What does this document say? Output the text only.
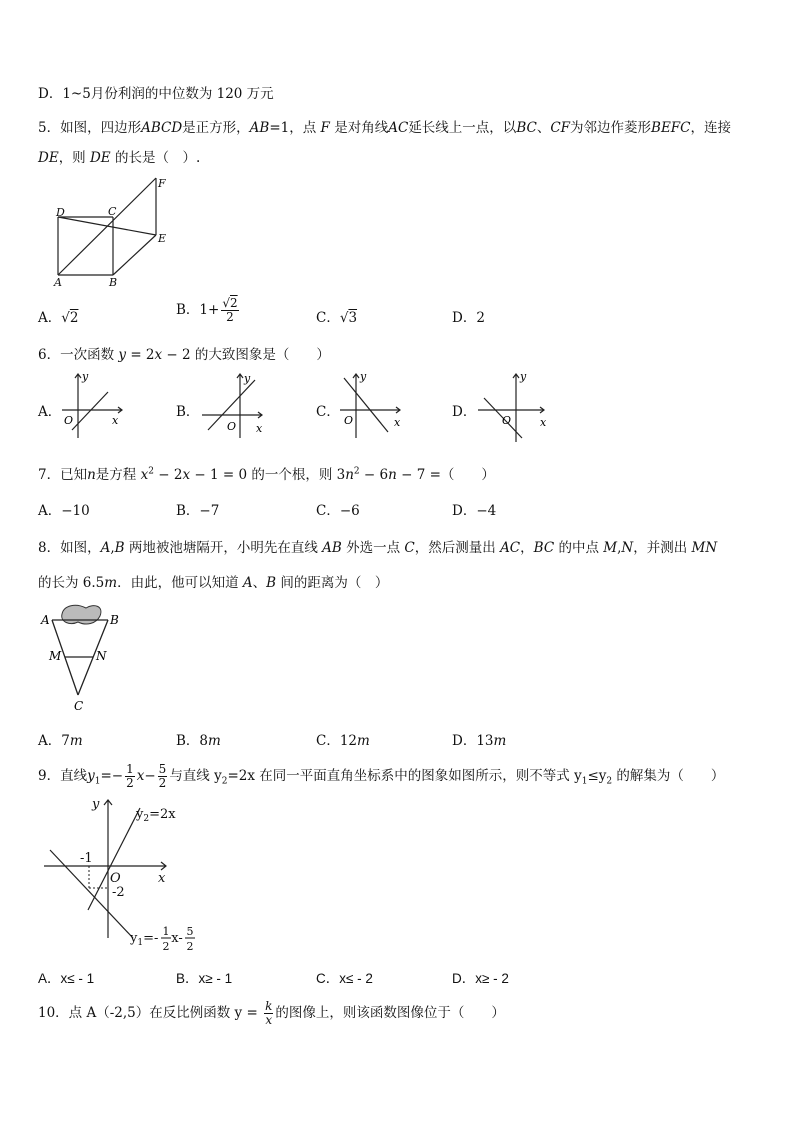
D．1~5月份利润的中位数为 120 万元
5．如图，四边形ABCD是正方形，AB=1，点 F 是对角线AC延长线上一点，以BC、CF为邻边作菱形BEFC，连接
DE，则 DE 的长是（　）.
D	C
F
E
A	B
A．√2	B．$1+ \frac{√2}{2}$	C．√3	D．2
6．一次函数 y = 2x − 2 的大致图象是（　　）
A．
y
x
O
B．
y
x
O
C．
y
x
O
D．
y
x
O
7．已知n是方程 $x^2 - 2x - 1 = 0$ 的一个根，则 $3n^2 - 6n - 7$ =（　　）
A．−10	B．−7	C．−6	D．−4
8．如图，A,B 两地被池塘隔开，小明先在直线 AB 外选一点 C，然后测量出 AC，BC 的中点 M,N，并测出 MN
的长为 6.5m．由此，他可以知道 A、B 间的距离为（　）
A	B
M	N
C
A．7m	B．8m	C．12m	D．13m
9．直线$y_1=- \frac{1}{2} x- \frac{5}{2}$ 与直线 $y_2=2x$ 在同一平面直角坐标系中的图象如图所示，则不等式 $y_1\le y_2$ 的解集为（　　）
y
x
O
-1
-2
$y_2=2x$
$y_1=-$ 1
2
x- 5
2
A．x≤ - 1	B．x≥ - 1	C．x≤ - 2	D．x≥ - 2
10．点 A（-2,5）在反比例函数 $y = \frac{k}{x}$ 的图像上，则该函数图像位于（　　）
